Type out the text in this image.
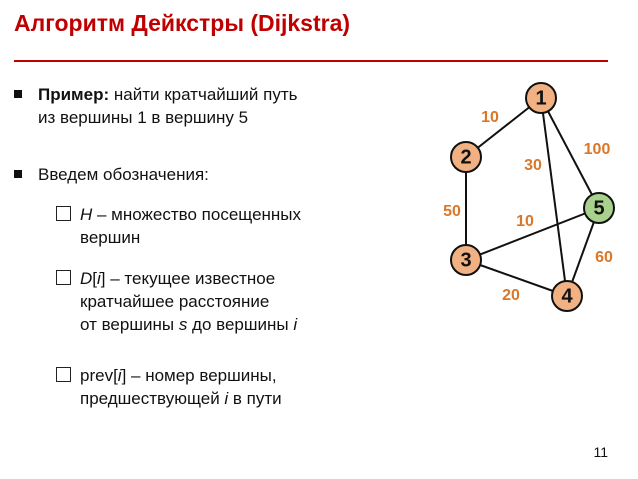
Алгоритм Дейкстры (Dijkstra)
Пример: найти кратчайший путь
из вершины 1 в вершину 5
Введем обозначения:
H – множество посещенных
вершин
D[i] – текущее известное
кратчайшее расстояние
от вершины s до вершины i
prev[i] – номер вершины,
предшествующей i в пути
10
100
30
50
10
20
60
1
2
3
4
5
11
